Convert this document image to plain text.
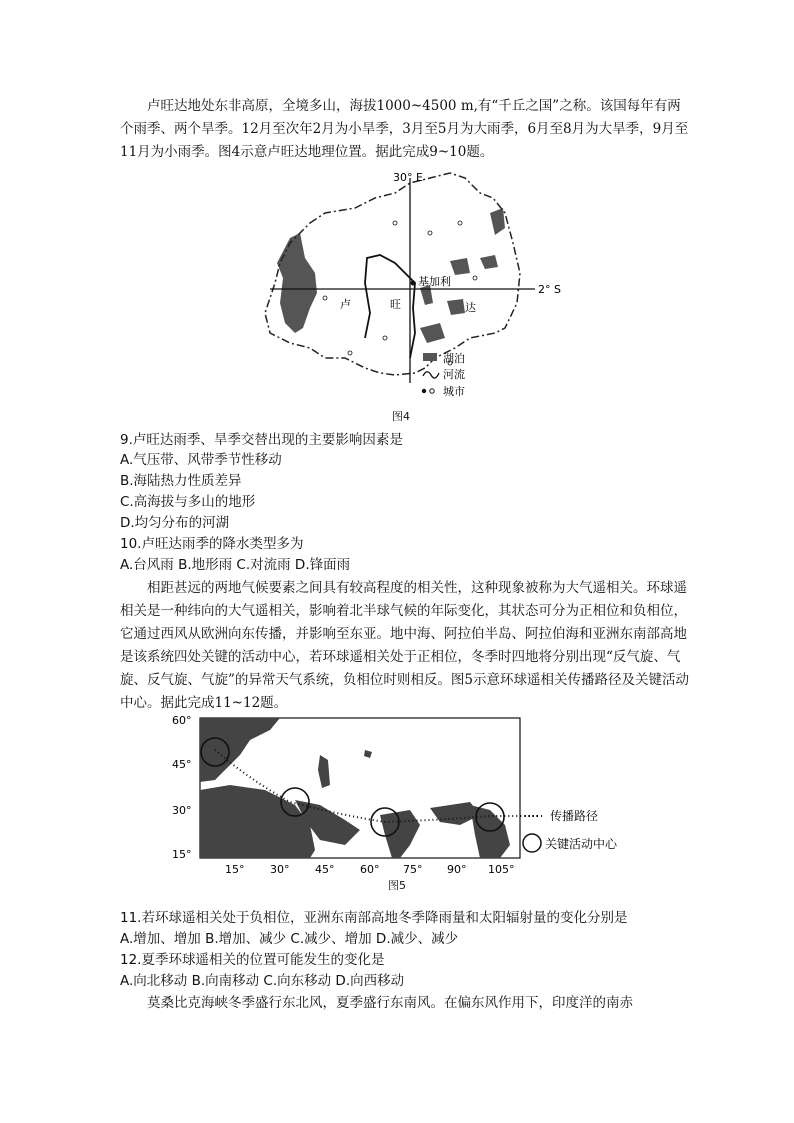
卢旺达地处东非高原，全境多山，海拔1000~4500 m,有“千丘之国”之称。该国每年有两个雨季、两个旱季。12月至次年2月为小旱季，3月至5月为大雨季，6月至8月为大旱季，9月至11月为小雨季。图4示意卢旺达地理位置。据此完成9~10题。

30° E
2° S
基加利
卢	旺	达
湖泊
河流
城市
图4

9.卢旺达雨季、旱季交替出现的主要影响因素是

A.气压带、风带季节性移动

B.海陆热力性质差异

C.高海拔与多山的地形

D.均匀分布的河湖

10.卢旺达雨季的降水类型多为

A.台风雨 B.地形雨 C.对流雨 D.锋面雨

相距甚远的两地气候要素之间具有较高程度的相关性，这种现象被称为大气遥相关。环球遥相关是一种纬向的大气遥相关，影响着北半球气候的年际变化，其状态可分为正相位和负相位，它通过西风从欧洲向东传播，并影响至东亚。地中海、阿拉伯半岛、阿拉伯海和亚洲东南部高地是该系统四处关键的活动中心，若环球遥相关处于正相位，冬季时四地将分别出现“反气旋、气旋、反气旋、气旋”的异常天气系统，负相位时则相反。图5示意环球遥相关传播路径及关键活动中心。据此完成11~12题。

60°
45°
30°
15°
15° 30° 45° 60° 75° 90° 105°
传播路径
关键活动中心
图5

11.若环球遥相关处于负相位，亚洲东南部高地冬季降雨量和太阳辐射量的变化分别是

A.增加、增加 B.增加、减少 C.减少、增加 D.减少、减少

12.夏季环球遥相关的位置可能发生的变化是

A.向北移动 B.向南移动 C.向东移动 D.向西移动

莫桑比克海峡冬季盛行东北风，夏季盛行东南风。在偏东风作用下，印度洋的南赤
